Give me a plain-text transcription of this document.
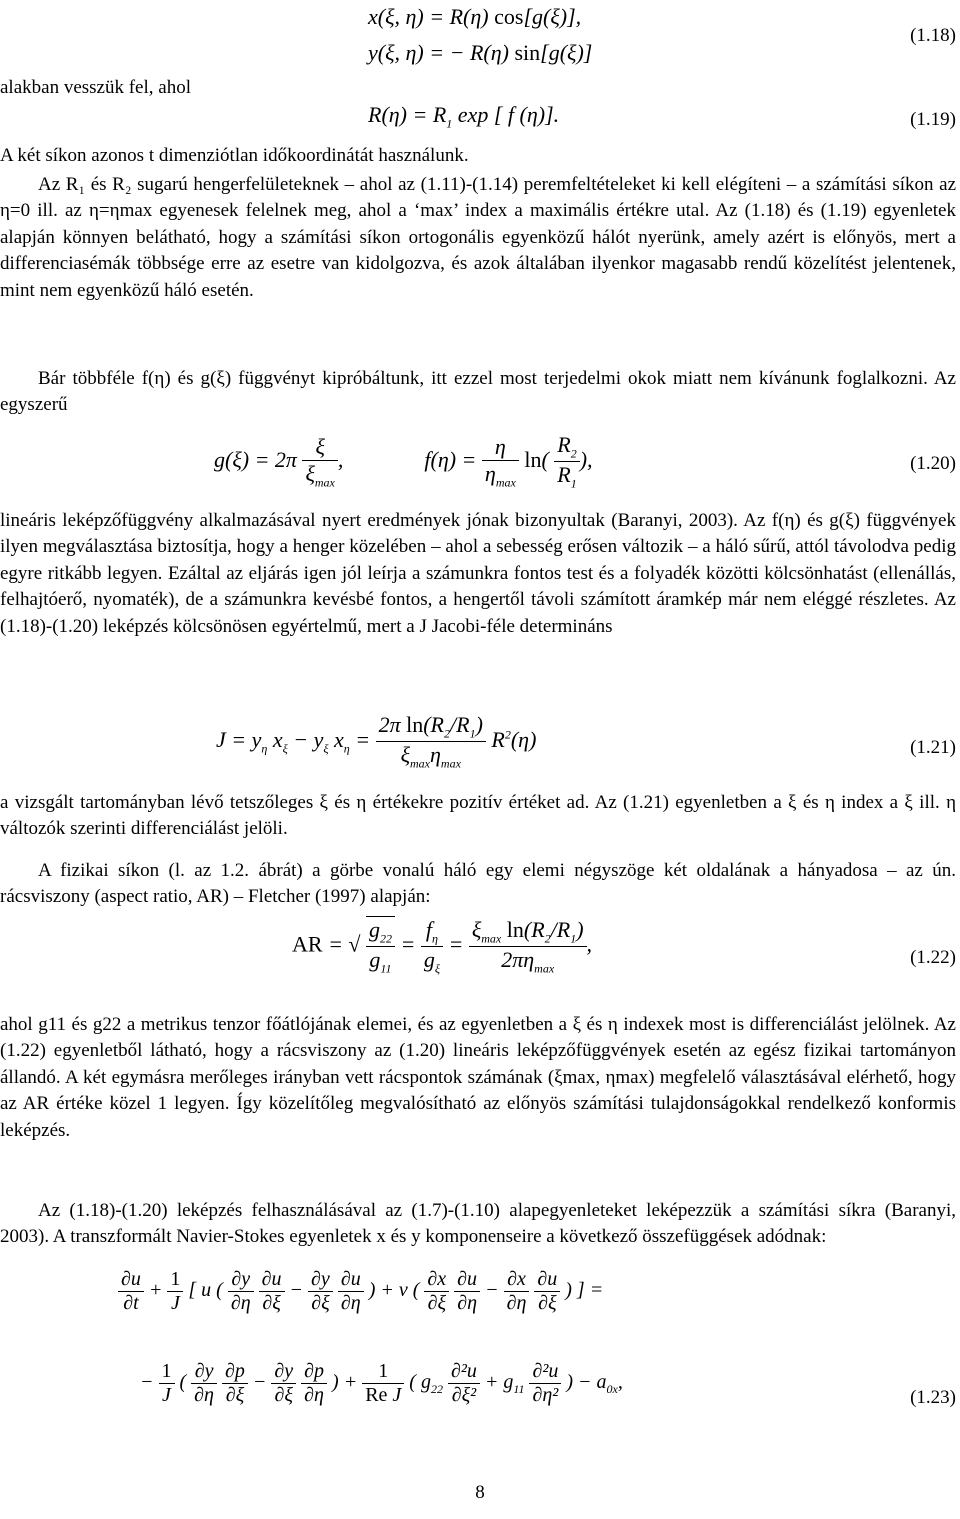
x(ξ, η) = R(η) cos[g(ξ)],
y(ξ, η) = − R(η) sin[g(ξ)]
(1.18)
alakban vesszük fel, ahol
$R(\eta) = R_1$ exp [ f (η)].	(1.19)
A két síkon azonos t dimenziótlan időkoordinátát használunk.
Az R₁ és R₂ sugarú hengerfelületeknek – ahol az (1.11)-(1.14) peremfeltételeket ki kell elégíteni – a számítási síkon az η=0 ill. az η=ηmax egyenesek felelnek meg, ahol a ‘max’ index a maximális értékre utal. Az (1.18) és (1.19) egyenletek alapján könnyen belátható, hogy a számítási síkon ortogonális egyenközű hálót nyerünk, amely azért is előnyös, mert a differenciasémák többsége erre az esetre van kidolgozva, és azok általában ilyenkor magasabb rendű közelítést jelentenek, mint nem egyenközű háló esetén.
Bár többféle f(η) és g(ξ) függvényt kipróbáltunk, itt ezzel most terjedelmi okok miatt nem kívánunk foglalkozni. Az egyszerű
$g(\xi) = 2\pi \frac{\xi}{\xi_{max}}$ ,	$f(\eta) = \frac{\eta}{\eta_{max}} \ln( \frac{R_2}{R_1}$ ),	(1.20)
lineáris leképzőfüggvény alkalmazásával nyert eredmények jónak bizonyultak (Baranyi, 2003). Az f(η) és g(ξ) függvények ilyen megválasztása biztosítja, hogy a henger közelében – ahol a sebesség erősen változik – a háló sűrű, attól távolodva pedig egyre ritkább legyen. Ezáltal az eljárás igen jól leírja a számunkra fontos test és a folyadék közötti kölcsönhatást (ellenállás, felhajtóerő, nyomaték), de a számunkra kevésbé fontos, a hengertől távoli számított áramkép már nem eléggé részletes. Az (1.18)-(1.20) leképzés kölcsönösen egyértelmű, mert a J Jacobi-féle determináns
$J = y_\eta$ $x_\xi - y_\xi$ $x_\eta = \frac{2\pi \ln(R_2/R_1)}{\xi_{max}\eta_{max}} R^2(\eta)$	(1.21)
a vizsgált tartományban lévő tetszőleges ξ és η értékekre pozitív értéket ad. Az (1.21) egyenletben a ξ és η index a ξ ill. η változók szerinti differenciálást jelöli.
A fizikai síkon (l. az 1.2. ábrát) a görbe vonalú háló egy elemi négyszöge két oldalának a hányadosa – az ún. rácsviszony (aspect ratio, AR) – Fletcher (1997) alapján:
AR = √ $\frac{g_{22}}{g_{11}} = \frac{f_\eta}{g_\xi} = \frac{\xi_{max} \ln(R_2/R_1)}{2\pi\eta_{max}}$ ,
(1.22)
ahol g11 és g22 a metrikus tenzor főátlójának elemei, és az egyenletben a ξ és η indexek most is differenciálást jelölnek. Az (1.22) egyenletből látható, hogy a rácsviszony az (1.20) lineáris leképzőfüggvények esetén az egész fizikai tartományon állandó. A két egymásra merőleges irányban vett rácspontok számának (ξmax, ηmax) megfelelő választásával elérhető, hogy az AR értéke közel 1 legyen. Így közelítőleg megvalósítható az előnyös számítási tulajdonságokkal rendelkező konformis leképzés.
Az (1.18)-(1.20) leképzés felhasználásával az (1.7)-(1.10) alapegyenleteket leképezzük a számítási síkra (Baranyi, 2003). A transzformált Navier-Stokes egyenletek x és y komponenseire a következő összefüggések adódnak:
$\frac{\partial u}{\partial t} + \frac{1}{J}$ [ u ( $\frac{\partial y}{\partial\eta}$
$\frac{\partial u}{\partial\xi} - \frac{\partial y}{\partial\xi}$
$\frac{\partial u}{\partial\eta}$ ) + v ( $\frac{\partial x}{\partial\xi}$
$\frac{\partial u}{\partial\eta} - \frac{\partial x}{\partial\eta}$
$\frac{\partial u}{\partial\xi}$ ) ] =
− $\frac{1}{J}$ ( $\frac{\partial y}{\partial\eta}$
$\frac{\partial p}{\partial\xi} - \frac{\partial y}{\partial\xi}$
$\frac{\partial p}{\partial\eta}$ ) + $\frac{1}{\text{Re J}}$ ( $g_{22} \frac{\text{∂²u}}{\text{∂ξ²}} + g_{11} \frac{\text{∂²u}}{\text{∂η²}}$ ) − $a_{0x}$,
(1.23)
8
